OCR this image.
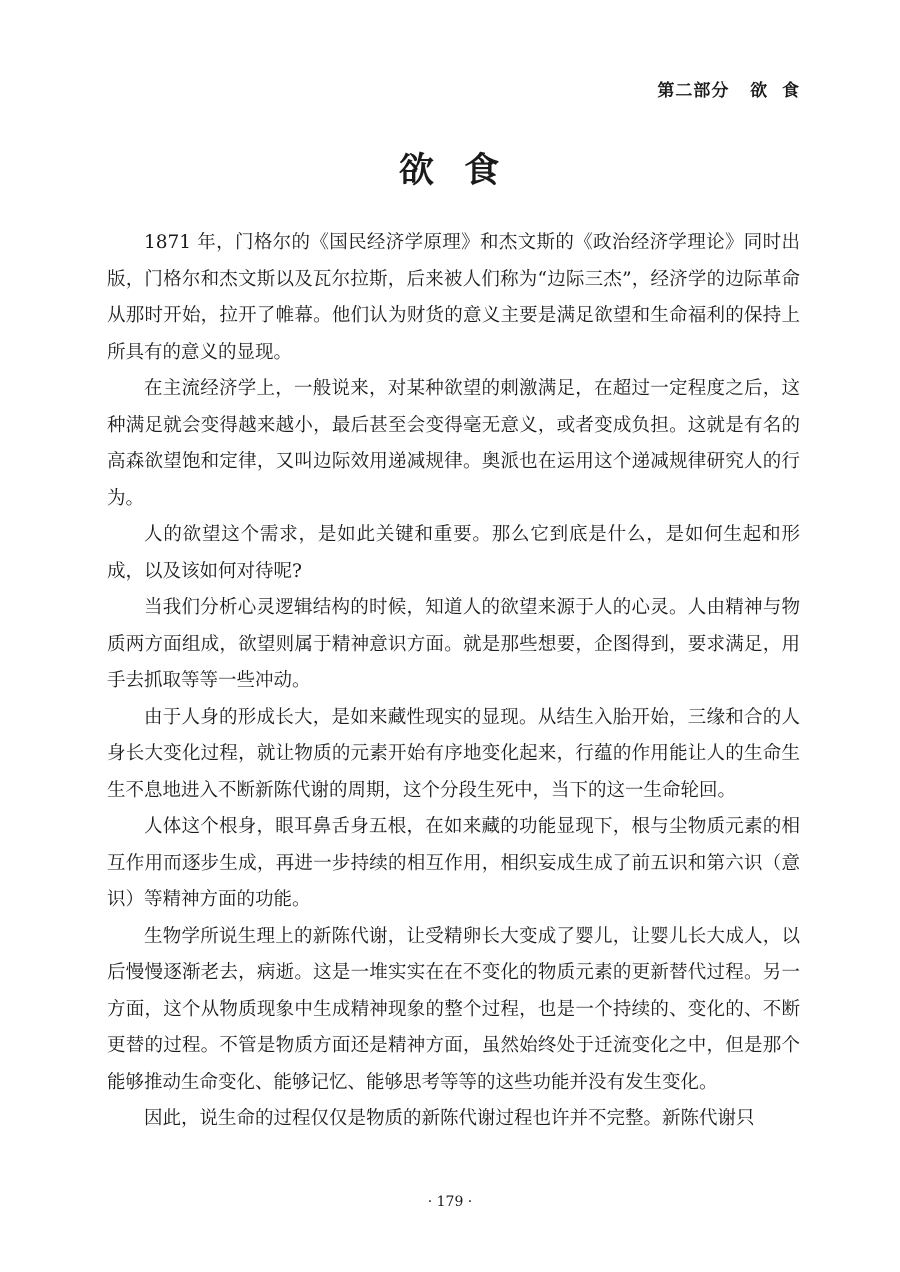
第二部分   欲  食
欲  食

1871 年，门格尔的《国民经济学原理》和杰文斯的《政治经济学理论》同时出版，门格尔和杰文斯以及瓦尔拉斯，后来被人们称为“边际三杰”，经济学的边际革命从那时开始，拉开了帷幕。他们认为财货的意义主要是满足欲望和生命福利的保持上所具有的意义的显现。

在主流经济学上，一般说来，对某种欲望的刺激满足，在超过一定程度之后，这种满足就会变得越来越小，最后甚至会变得毫无意义，或者变成负担。这就是有名的高森欲望饱和定律，又叫边际效用递减规律。奥派也在运用这个递减规律研究人的行为。

人的欲望这个需求，是如此关键和重要。那么它到底是什么，是如何生起和形成，以及该如何对待呢?

当我们分析心灵逻辑结构的时候，知道人的欲望来源于人的心灵。人由精神与物质两方面组成，欲望则属于精神意识方面。就是那些想要，企图得到，要求满足，用手去抓取等等一些冲动。

由于人身的形成长大，是如来藏性现实的显现。从结生入胎开始，三缘和合的人身长大变化过程，就让物质的元素开始有序地变化起来，行蕴的作用能让人的生命生生不息地进入不断新陈代谢的周期，这个分段生死中，当下的这一生命轮回。

人体这个根身，眼耳鼻舌身五根，在如来藏的功能显现下，根与尘物质元素的相互作用而逐步生成，再进一步持续的相互作用，相织妄成生成了前五识和第六识（意识）等精神方面的功能。

生物学所说生理上的新陈代谢，让受精卵长大变成了婴儿，让婴儿长大成人，以后慢慢逐渐老去，病逝。这是一堆实实在在不变化的物质元素的更新替代过程。另一方面，这个从物质现象中生成精神现象的整个过程，也是一个持续的、变化的、不断更替的过程。不管是物质方面还是精神方面，虽然始终处于迁流变化之中，但是那个能够推动生命变化、能够记忆、能够思考等等的这些功能并没有发生变化。

因此，说生命的过程仅仅是物质的新陈代谢过程也许并不完整。新陈代谢只

· 179 ·
